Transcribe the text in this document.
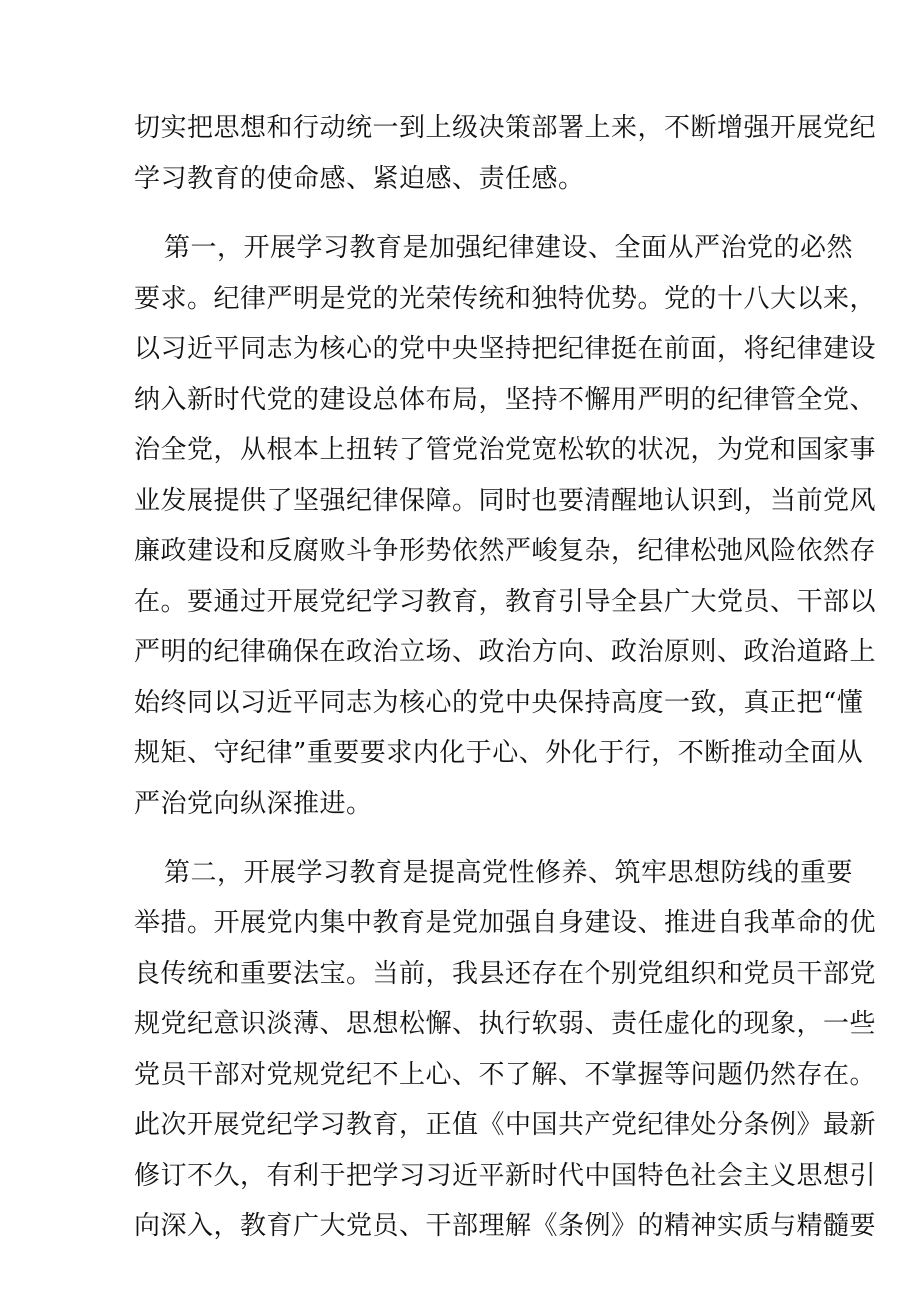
切实把思想和行动统一到上级决策部署上来，不断增强开展党纪
学习教育的使命感、紧迫感、责任感。
第一，开展学习教育是加强纪律建设、全面从严治党的必然
要求。纪律严明是党的光荣传统和独特优势。党的十八大以来，
以习近平同志为核心的党中央坚持把纪律挺在前面，将纪律建设
纳入新时代党的建设总体布局，坚持不懈用严明的纪律管全党、
治全党，从根本上扭转了管党治党宽松软的状况，为党和国家事
业发展提供了坚强纪律保障。同时也要清醒地认识到，当前党风
廉政建设和反腐败斗争形势依然严峻复杂，纪律松弛风险依然存
在。要通过开展党纪学习教育，教育引导全县广大党员、干部以
严明的纪律确保在政治立场、政治方向、政治原则、政治道路上
始终同以习近平同志为核心的党中央保持高度一致，真正把“懂
规矩、守纪律”重要要求内化于心、外化于行，不断推动全面从
严治党向纵深推进。
第二，开展学习教育是提高党性修养、筑牢思想防线的重要
举措。开展党内集中教育是党加强自身建设、推进自我革命的优
良传统和重要法宝。当前，我县还存在个别党组织和党员干部党
规党纪意识淡薄、思想松懈、执行软弱、责任虚化的现象，一些
党员干部对党规党纪不上心、不了解、不掌握等问题仍然存在。
此次开展党纪学习教育，正值《中国共产党纪律处分条例》最新
修订不久，有利于把学习习近平新时代中国特色社会主义思想引
向深入，教育广大党员、干部理解《条例》的精神实质与精髓要
